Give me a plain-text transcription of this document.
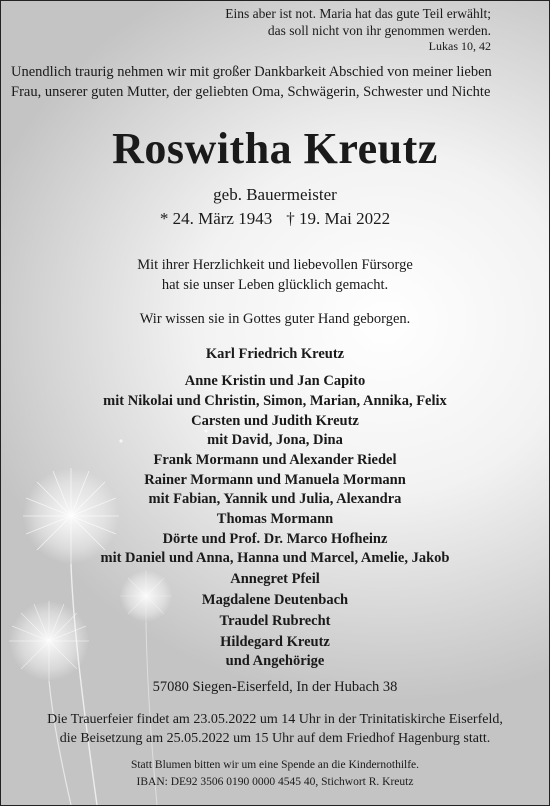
Eins aber ist not. Maria hat das gute Teil erwählt;
das soll nicht von ihr genommen werden.
Lukas 10, 42
Unendlich traurig nehmen wir mit großer Dankbarkeit Abschied von meiner lieben
Frau, unserer guten Mutter, der geliebten Oma, Schwägerin, Schwester und Nichte
Roswitha Kreutz
geb. Bauermeister
* 24. März 1943 † 19. Mai 2022
Mit ihrer Herzlichkeit und liebevollen Fürsorge
hat sie unser Leben glücklich gemacht.
Wir wissen sie in Gottes guter Hand geborgen.
Karl Friedrich Kreutz
Anne Kristin und Jan Capito
mit Nikolai und Christin, Simon, Marian, Annika, Felix
Carsten und Judith Kreutz
mit David, Jona, Dina
Frank Mormann und Alexander Riedel
Rainer Mormann und Manuela Mormann
mit Fabian, Yannik und Julia, Alexandra
Thomas Mormann
Dörte und Prof. Dr. Marco Hofheinz
mit Daniel und Anna, Hanna und Marcel, Amelie, Jakob
Annegret Pfeil
Magdalene Deutenbach
Traudel Rubrecht
Hildegard Kreutz
und Angehörige
57080 Siegen-Eiserfeld, In der Hubach 38
Die Trauerfeier findet am 23.05.2022 um 14 Uhr in der Trinitatiskirche Eiserfeld,
die Beisetzung am 25.05.2022 um 15 Uhr auf dem Friedhof Hagenburg statt.
Statt Blumen bitten wir um eine Spende an die Kindernothilfe.
IBAN: DE92 3506 0190 0000 4545 40, Stichwort R. Kreutz
